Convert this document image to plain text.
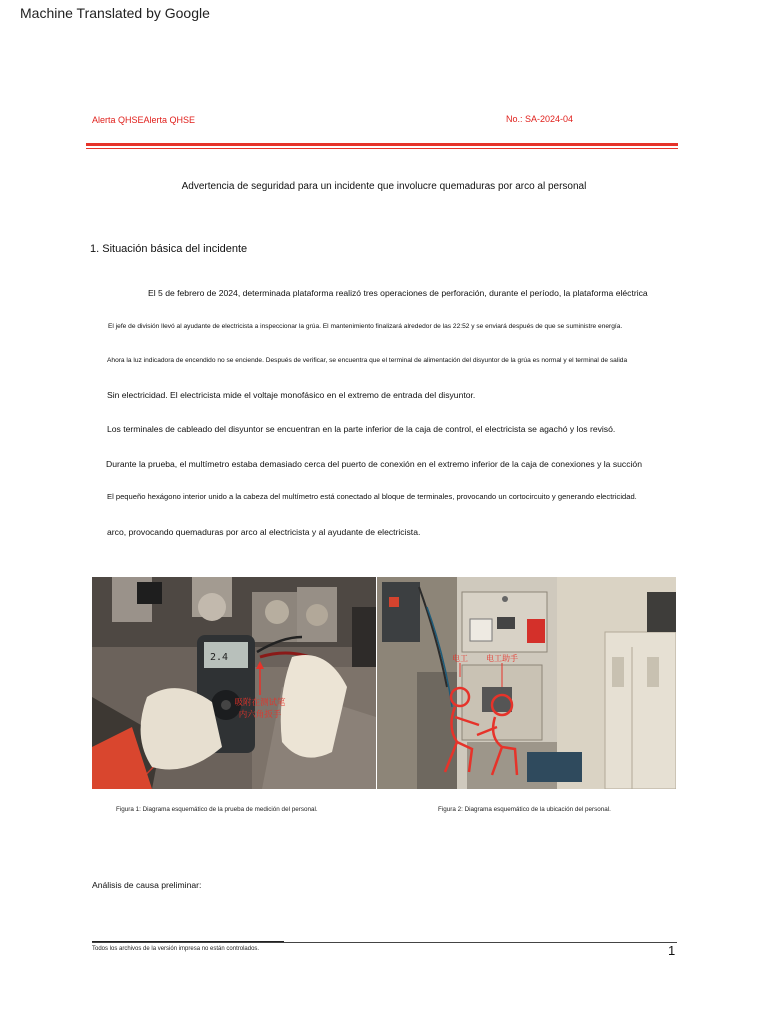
Machine Translated by Google
Alerta QHSEAlerta QHSE	No.: SA-2024-04
Advertencia de seguridad para un incidente que involucre quemaduras por arco al personal
1. Situación básica del incidente
El 5 de febrero de 2024, determinada plataforma realizó tres operaciones de perforación, durante el período, la plataforma eléctrica
El jefe de división llevó al ayudante de electricista a inspeccionar la grúa. El mantenimiento finalizará alrededor de las 22:52 y se enviará después de que se suministre energía.
Ahora la luz indicadora de encendido no se enciende. Después de verificar, se encuentra que el terminal de alimentación del disyuntor de la grúa es normal y el terminal de salida
Sin electricidad. El electricista mide el voltaje monofásico en el extremo de entrada del disyuntor.
Los terminales de cableado del disyuntor se encuentran en la parte inferior de la caja de control, el electricista se agachó y los revisó.
Durante la prueba, el multímetro estaba demasiado cerca del puerto de conexión en el extremo inferior de la caja de conexiones y la succión
El pequeño hexágono interior unido a la cabeza del multímetro está conectado al bloque de terminales, provocando un cortocircuito y generando electricidad.
arco, provocando quemaduras por arco al electricista y al ayudante de electricista.
2.4
吸附在测试笔
内六角扳手
电工 电工助手
Figura 1: Diagrama esquemático de la prueba de medición del personal.	Figura 2: Diagrama esquemático de la ubicación del personal.
Análisis de causa preliminar:
Todos los archivos de la versión impresa no están controlados.	1
